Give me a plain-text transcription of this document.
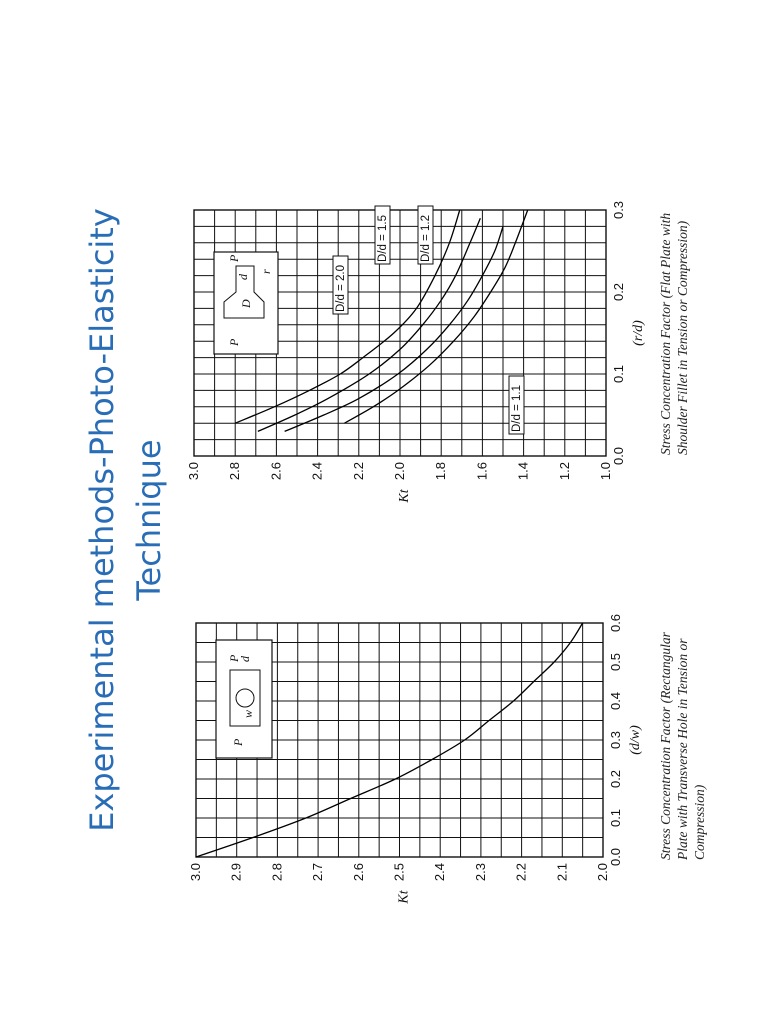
Experimental methods-Photo-Elasticity Technique
2.0
2.1
2.2
2.3
2.4
2.5
2.6
2.7
2.8
2.9
3.0
0.0
0.1
0.2
0.3
0.4
0.5
0.6
Kt
(d/w) Stress Concentration Factor (Rectangular Plate with Transverse Hole in Tension or Compression)
P
w
d
P
1.0
1.2
1.4
1.6
1.8
2.0
2.2
2.4
2.6
2.8
3.0
0.0
0.1
0.2
0.3
Kt
(r/d) Stress Concentration Factor (Flat Plate with Shoulder Fillet in Tension or Compression)
D/d = 2.0
D/d = 1.5	D/d = 1.2
D/d = 1.1
P
D
d
P
r
